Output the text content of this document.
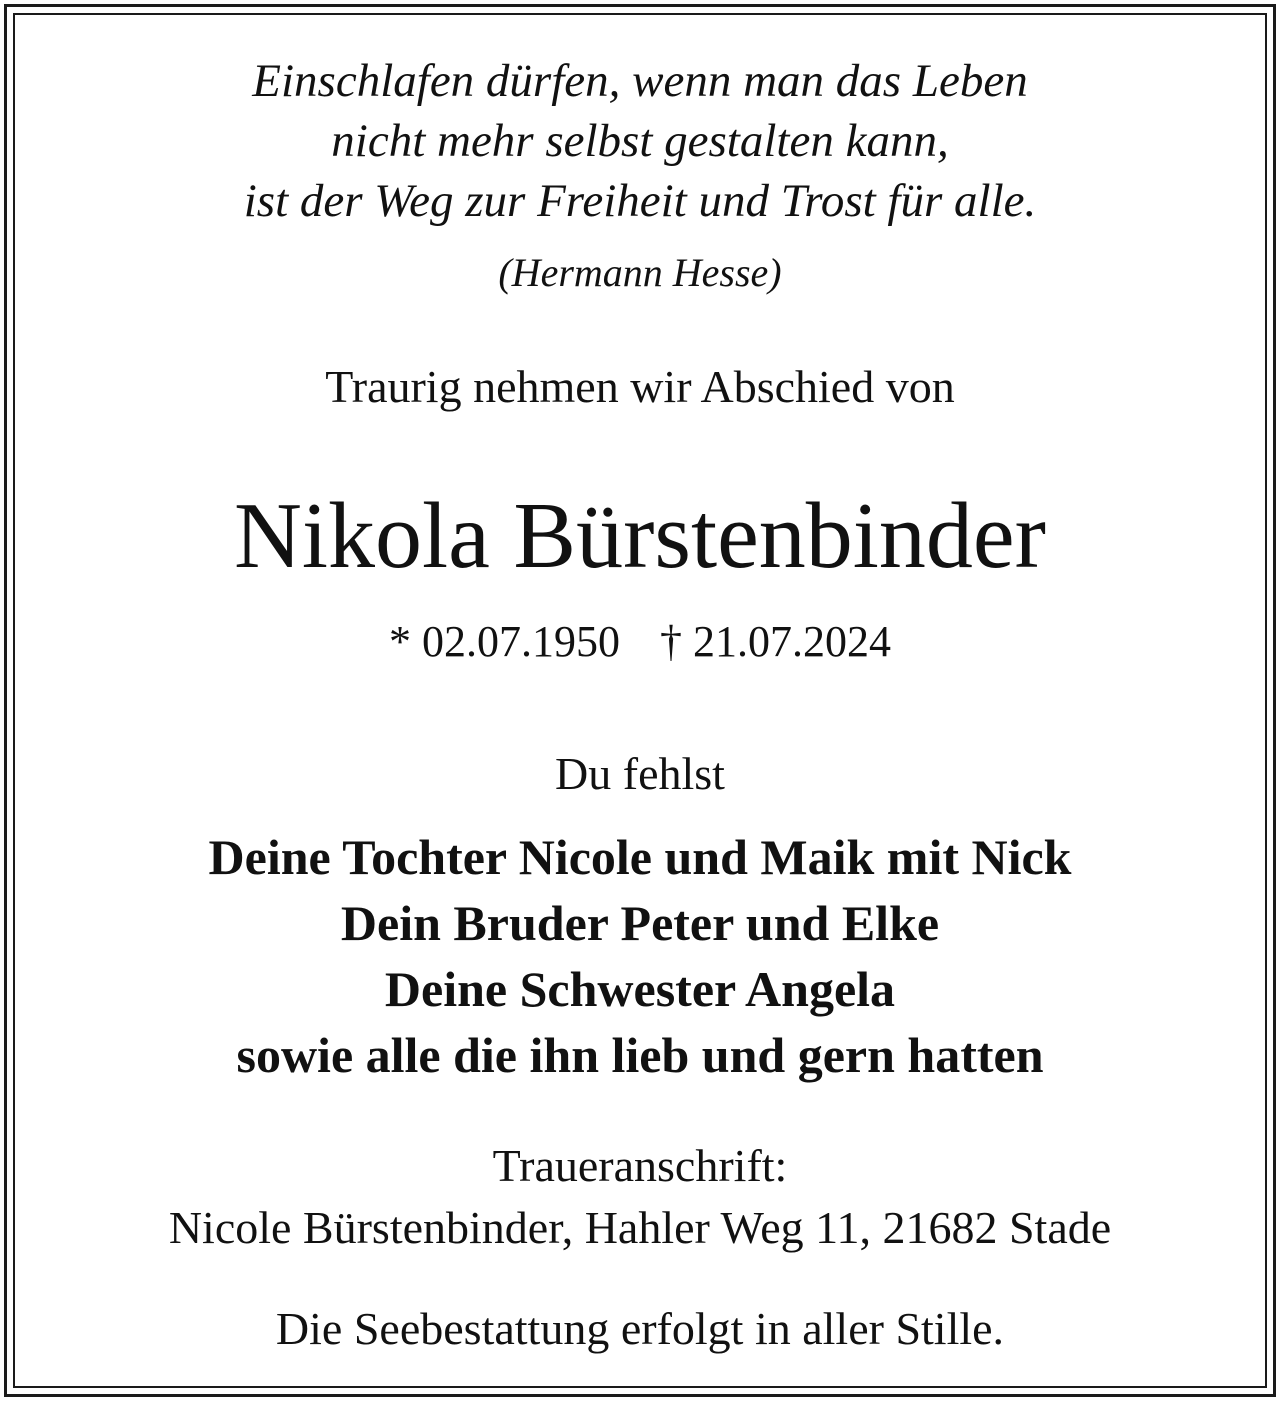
Einschlafen dürfen, wenn man das Leben
nicht mehr selbst gestalten kann,
ist der Weg zur Freiheit und Trost für alle.
(Hermann Hesse)
Traurig nehmen wir Abschied von
Nikola Bürstenbinder
* 02.07.1950 † 21.07.2024
Du fehlst
Deine Tochter Nicole und Maik mit Nick
Dein Bruder Peter und Elke
Deine Schwester Angela
sowie alle die ihn lieb und gern hatten
Traueranschrift:
Nicole Bürstenbinder, Hahler Weg 11, 21682 Stade
Die Seebestattung erfolgt in aller Stille.
